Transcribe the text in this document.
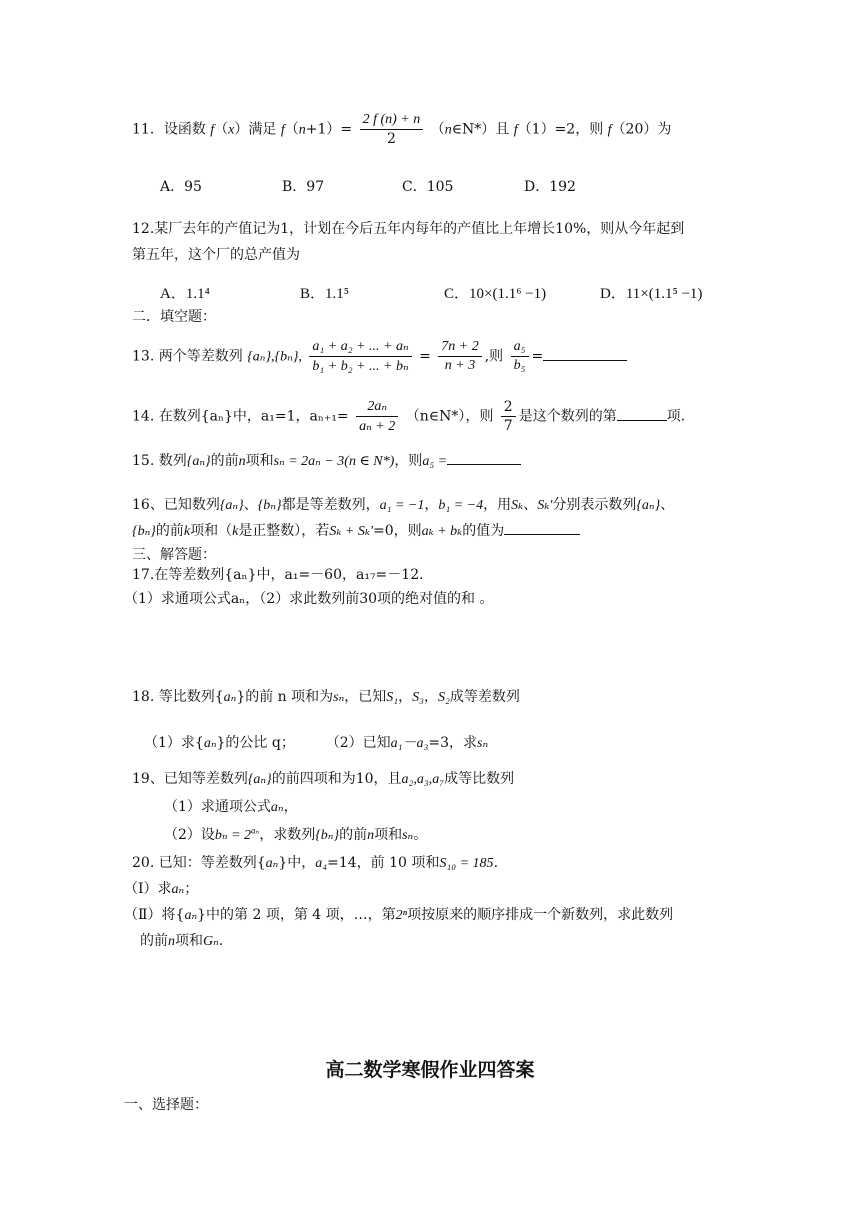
11．设函数 f（x）满足 $f(n+1)= \frac{2 f (n) + n}{2}$ （n∈N*）且 f（1）=2，则 f（20）为
A．95	B．97	C．105	D．192
12.某厂去年的产值记为1，计划在今后五年内每年的产值比上年增长10%，则从今年起到
第五年，这个厂的总产值为
A．1.1⁴	B．1.1⁵	C．10×(1.1⁶ −1)	D．11×(1.1⁵ −1)
二．填空题：
13. 两个等差数列 {aₙ},{bₙ}, $\frac{\text{a₁ + a₂ + ... + aₙ}}{\text{b₁ + b₂ + ... + bₙ}} = \frac{7n + 2}{n + 3}$ ,则 $\frac{\text{a₅}}{\text{b₅}}$ =
14. 在数列{aₙ}中，a₁=1，$a_{n+1}= \frac{\text{2aₙ}}{\text{aₙ + 2}}$ （n∈N*），则 $\frac{2}{7}$ 是这个数列的第	项.
15. 数列{aₙ}的前n项和sₙ = 2aₙ − 3(n ∈ N*)，则a₅ =
16、已知数列{aₙ}、{bₙ}都是等差数列，a₁ = −1，b₁ = −4，用Sₖ、Sₖ'分别表示数列{aₙ}、
{bₙ}的前k项和（k是正整数），若Sₖ + Sₖ'=0，则aₖ + bₖ的值为
三、解答题：
17.在等差数列{aₙ}中，a₁=－60，a₁₇=－12．
（1）求通项公式aₙ，（2）求此数列前30项的绝对值的和 。
18. 等比数列{aₙ}的前 n 项和为sₙ，已知S₁，S₃，S₂成等差数列
（1）求{aₙ}的公比 q； （2）已知a₁－a₃=3，求sₙ
19、已知等差数列{aₙ}的前四项和为10，且a₂,a₃,a₇成等比数列
（1）求通项公式aₙ，
（2）设$b_n = 2^{a_n}$，求数列{bₙ}的前n项和sₙ。
20. 已知：等差数列{aₙ}中，a₄=14，前 10 项和S₁₀ = 185.
（Ⅰ）求aₙ；
（Ⅱ）将{aₙ}中的第 2 项，第 4 项，…，第2ⁿ项按原来的顺序排成一个新数列，求此数列
的前n项和Gₙ.
高二数学寒假作业四答案
一、选择题：
